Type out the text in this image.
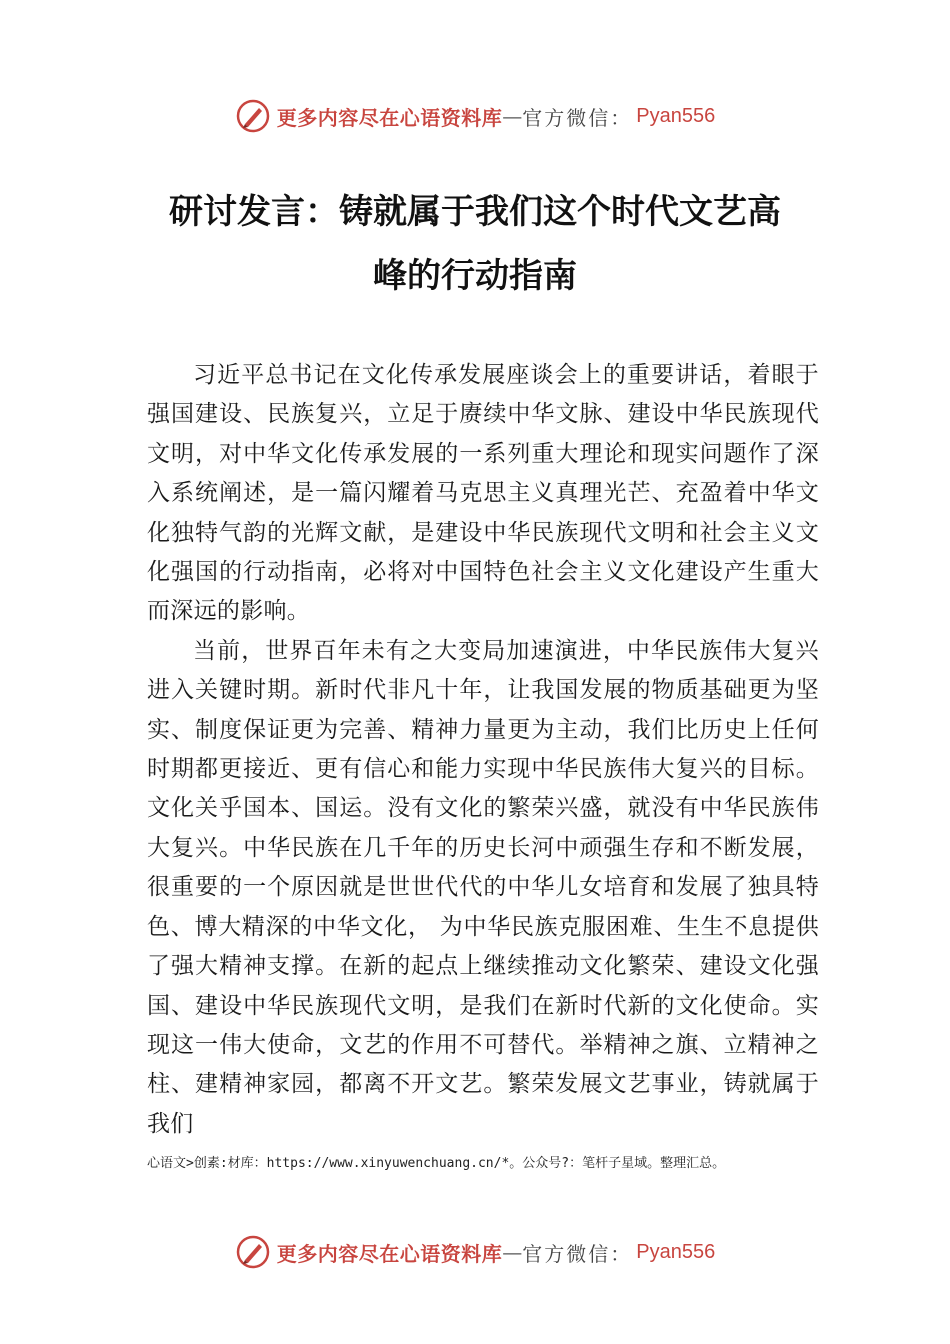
更多内容尽在心语资料库 — 官方微信： Pyan556
研讨发言：铸就属于我们这个时代文艺高
峰的行动指南

习近平总书记在文化传承发展座谈会上的重要讲话，着眼于强国建设、民族复兴，立足于赓续中华文脉、建设中华民族现代文明，对中华文化传承发展的一系列重大理论和现实问题作了深入系统阐述，是一篇闪耀着马克思主义真理光芒、充盈着中华文化独特气韵的光辉文献，是建设中华民族现代文明和社会主义文化强国的行动指南，必将对中国特色社会主义文化建设产生重大而深远的影响。

当前，世界百年未有之大变局加速演进，中华民族伟大复兴进入关键时期。新时代非凡十年，让我国发展的物质基础更为坚实、制度保证更为完善、精神力量更为主动，我们比历史上任何时期都更接近、更有信心和能力实现中华民族伟大复兴的目标。文化关乎国本、国运。没有文化的繁荣兴盛，就没有中华民族伟大复兴。中华民族在几千年的历史长河中顽强生存和不断发展，很重要的一个原因就是世世代代的中华儿女培育和发展了独具特色、博大精深的中华文化， 为中华民族克服困难、生生不息提供了强大精神支撑。在新的起点上继续推动文化繁荣、建设文化强国、建设中华民族现代文明，是我们在新时代新的文化使命。实现这一伟大使命，文艺的作用不可替代。举精神之旗、立精神之柱、建精神家园，都离不开文艺。繁荣发展文艺事业，铸就属于我们

心语文>创素:材库：https://www.xinyuwenchuang.cn/*。公众号?：笔杆子星域。整理汇总。
更多内容尽在心语资料库 — 官方微信： Pyan556
